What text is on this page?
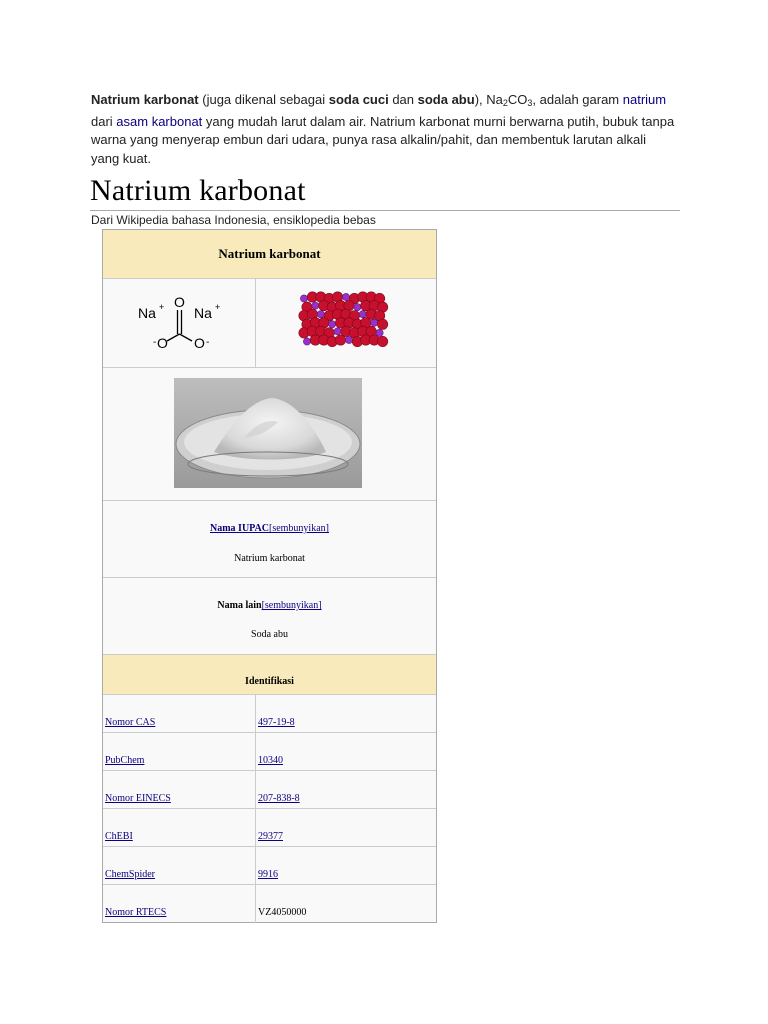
Natrium karbonat (juga dikenal sebagai soda cuci dan soda abu), $Na_2CO_3$, adalah garam natrium dari asam karbonat yang mudah larut dalam air. Natrium karbonat murni berwarna putih, bubuk tanpa warna yang menyerap embun dari udara, punya rasa alkalin/pahit, dan membentuk larutan alkali yang kuat.
Natrium karbonat
Dari Wikipedia bahasa Indonesia, ensiklopedia bebas
Natrium karbonat
Na + Na +
O
- O O -
Nama IUPAC[sembunyikan]
Natrium karbonat
Nama lain[sembunyikan]
Soda abu
Identifikasi
Nomor CAS	497-19-8
PubChem	10340
Nomor EINECS	207-838-8
ChEBI	29377
ChemSpider	9916
Nomor RTECS	VZ4050000
